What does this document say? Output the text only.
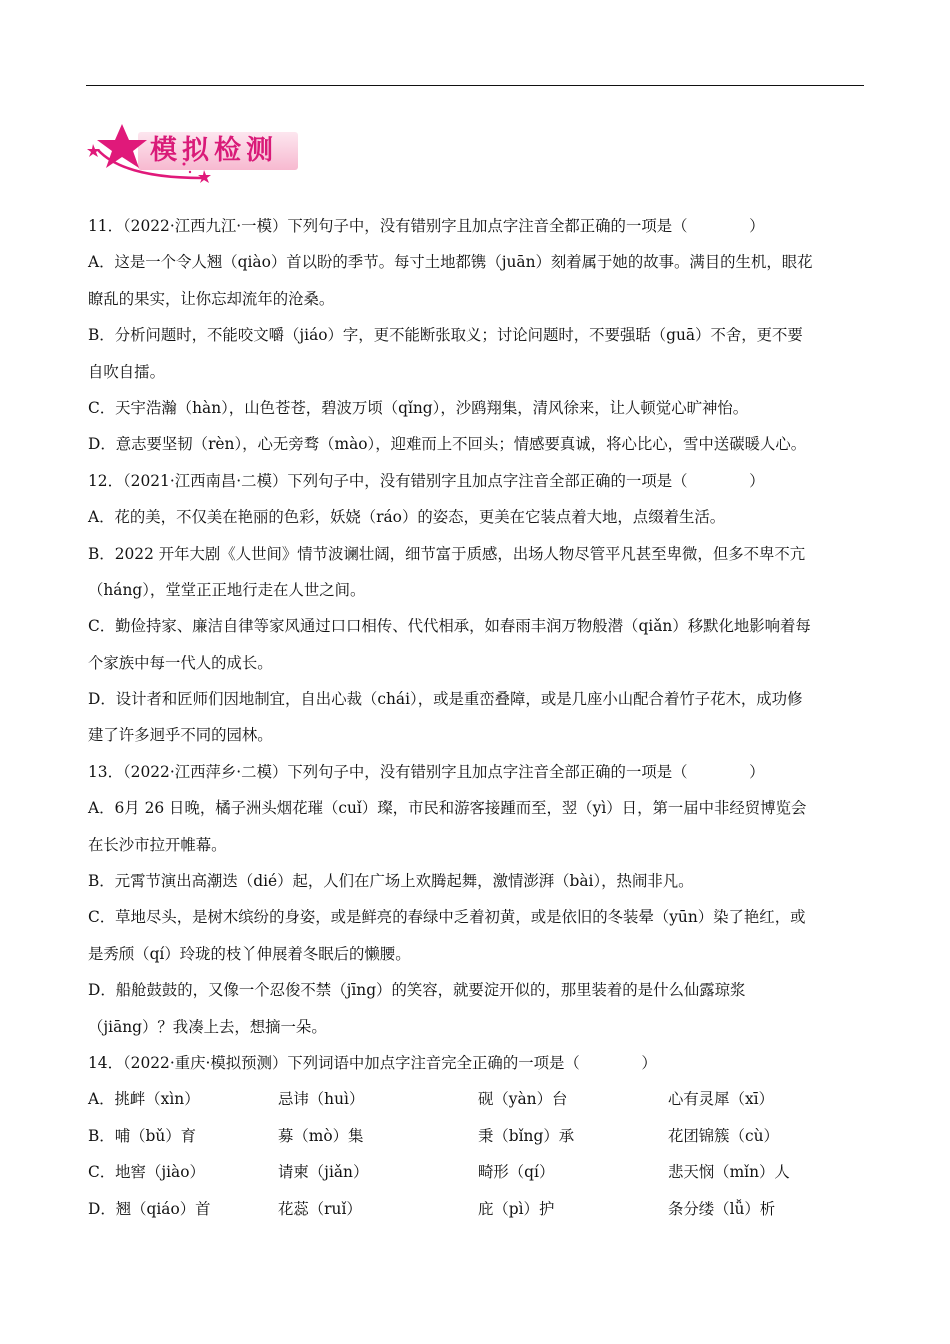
模拟检测
11．（2022·江西九江·一模）下列句子中，没有错别字且加点字注音全都正确的一项是（　　　　）
A．这是一个令人翘（qiào）首以盼的季节。每寸土地都镌（juān）刻着属于她的故事。满目的生机，眼花
瞭乱的果实，让你忘却流年的沧桑。
B．分析问题时，不能咬文嚼（jiáo）字，更不能断张取义；讨论问题时，不要强聒（guā）不舍，更不要
自吹自擂。
C．天宇浩瀚（hàn），山色苍苍，碧波万顷（qǐng），沙鸥翔集，清风徐来，让人顿觉心旷神怡。
D．意志要坚韧（rèn），心无旁骛（mào），迎难而上不回头；情感要真诚，将心比心，雪中送碳暖人心。
12．（2021·江西南昌·二模）下列句子中，没有错别字且加点字注音全部正确的一项是（　　　　）
A．花的美，不仅美在艳丽的色彩，妖娆（ráo）的姿态，更美在它装点着大地，点缀着生活。
B．2022 开年大剧《人世间》情节波谰壮阔，细节富于质感，出场人物尽管平凡甚至卑微，但多不卑不亢
（háng），堂堂正正地行走在人世之间。
C．勤俭持家、廉洁自律等家风通过口口相传、代代相承，如春雨丰润万物般潜（qiǎn）移默化地影响着每
个家族中每一代人的成长。
D．设计者和匠师们因地制宜，自出心裁（chái），或是重峦叠障，或是几座小山配合着竹子花木，成功修
建了许多迥乎不同的园林。
13．（2022·江西萍乡·二模）下列句子中，没有错别字且加点字注音全部正确的一项是（　　　　）
A．6月 26 日晚，橘子洲头烟花璀（cuǐ）璨，市民和游客接踵而至，翌（yì）日，第一届中非经贸博览会
在长沙市拉开帷幕。
B．元霄节演出高潮迭（dié）起，人们在广场上欢腾起舞，激情澎湃（bài），热闹非凡。
C．草地尽头，是树木缤纷的身姿，或是鲜亮的春绿中乏着初黄，或是依旧的冬装晕（yūn）染了艳红，或
是秀颀（qí）玲珑的枝丫伸展着冬眠后的懒腰。
D．船舱鼓鼓的，又像一个忍俊不禁（jīng）的笑容，就要淀开似的，那里装着的是什么仙露琼浆
（jiāng）？我凑上去，想摘一朵。
14．（2022·重庆·模拟预测）下列词语中加点字注音完全正确的一项是（　　　　）
A．挑衅（xìn）	忌讳（huì）	砚（yàn）台	心有灵犀（xī）
B．哺（bǔ）育	募（mò）集	秉（bǐng）承	花团锦簇（cù）
C．地窖（jiào）	请柬（jiǎn）	畸形（qí）	悲天悯（mǐn）人
D．翘（qiáo）首	花蕊（ruǐ）	庇（pì）护	条分缕（lǚ）析
